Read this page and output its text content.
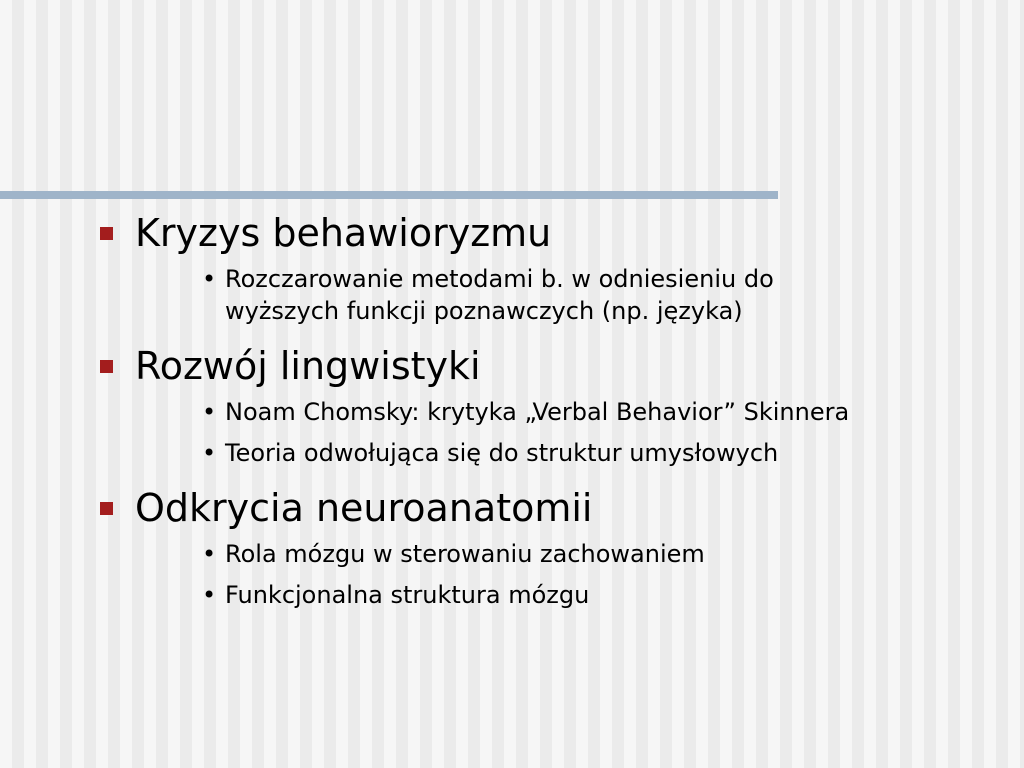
Kryzys behawioryzmu
• Rozczarowanie metodami b. w odniesieniu do wyższych funkcji poznawczych (np. języka)
Rozwój lingwistyki
• Noam Chomsky: krytyka „Verbal Behavior” Skinnera
• Teoria odwołująca się do struktur umysłowych
Odkrycia neuroanatomii
• Rola mózgu w sterowaniu zachowaniem
• Funkcjonalna struktura mózgu
